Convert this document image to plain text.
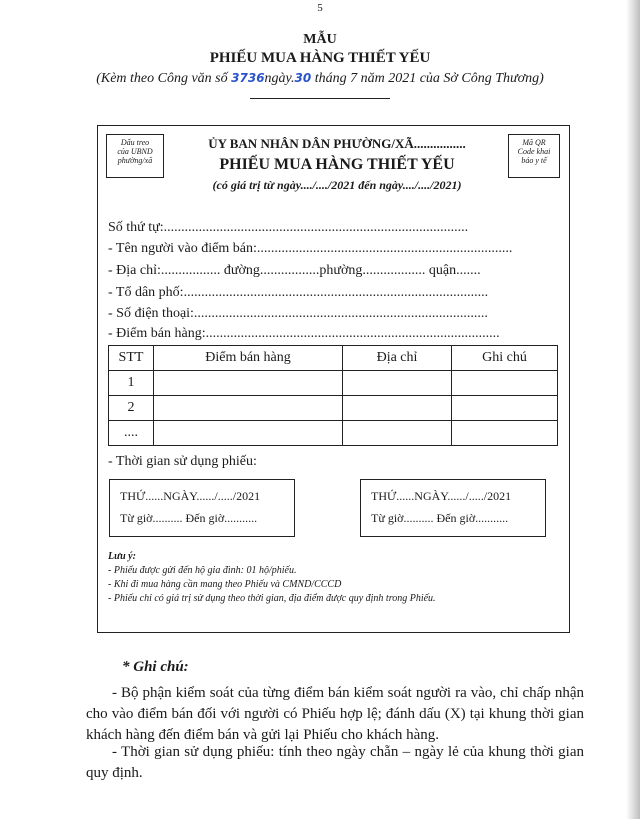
5
MẪU
PHIẾU MUA HÀNG THIẾT YẾU
(Kèm theo Công văn số 3736ngày.30 tháng 7 năm 2021 của Sở Công Thương)
Dấu treo
của UBND
phường/xã
Mã QR
Code khai
báo y tế
ỦY BAN NHÂN DÂN PHƯỜNG/XÃ................
PHIẾU MUA HÀNG THIẾT YẾU
(có giá trị từ ngày..../..../2021 đến ngày..../..../2021)
Số thứ tự:.......................................................................................
- Tên người vào điểm bán:.........................................................................
- Địa chỉ:................. đường.................phường.................. quận.......
- Tổ dân phố:.......................................................................................
- Số điện thoại:....................................................................................
- Điểm bán hàng:....................................................................................
STT	Điểm bán hàng	Địa chỉ	Ghi chú
1			
2			
....			
- Thời gian sử dụng phiếu:
THỨ......NGÀY....../...../2021
Từ giờ.......... Đến giờ...........
THỨ......NGÀY....../...../2021
Từ giờ.......... Đến giờ...........
Lưu ý:
- Phiếu được gửi đến hộ gia đình: 01 hộ/phiếu.
- Khi đi mua hàng cần mang theo Phiếu và CMND/CCCD
- Phiếu chỉ có giá trị sử dụng theo thời gian, địa điểm được quy định trong Phiếu.
* Ghi chú:
- Bộ phận kiểm soát của từng điểm bán kiểm soát người ra vào, chỉ chấp nhận cho vào điểm bán đối với người có Phiếu hợp lệ; đánh dấu (X) tại khung thời gian khách hàng đến điểm bán và gửi lại Phiếu cho khách hàng.
- Thời gian sử dụng phiếu: tính theo ngày chẵn – ngày lẻ của khung thời gian quy định.
